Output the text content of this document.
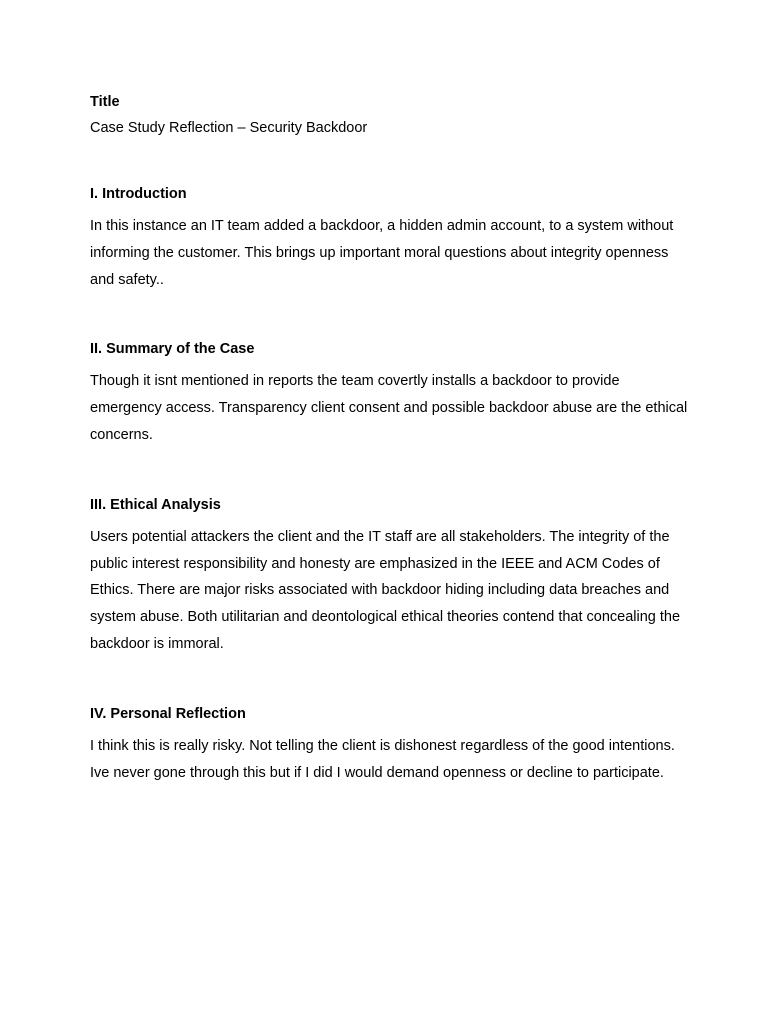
Title

Case Study Reflection – Security Backdoor

I. Introduction

In this instance an IT team added a backdoor, a hidden admin account, to a system without informing the customer. This brings up important moral questions about integrity openness and safety..

II. Summary of the Case

Though it isnt mentioned in reports the team covertly installs a backdoor to provide emergency access. Transparency client consent and possible backdoor abuse are the ethical concerns.

III. Ethical Analysis

Users potential attackers the client and the IT staff are all stakeholders. The integrity of the public interest responsibility and honesty are emphasized in the IEEE and ACM Codes of Ethics. There are major risks associated with backdoor hiding including data breaches and system abuse. Both utilitarian and deontological ethical theories contend that concealing the backdoor is immoral.

IV. Personal Reflection

I think this is really risky. Not telling the client is dishonest regardless of the good intentions. Ive never gone through this but if I did I would demand openness or decline to participate.
